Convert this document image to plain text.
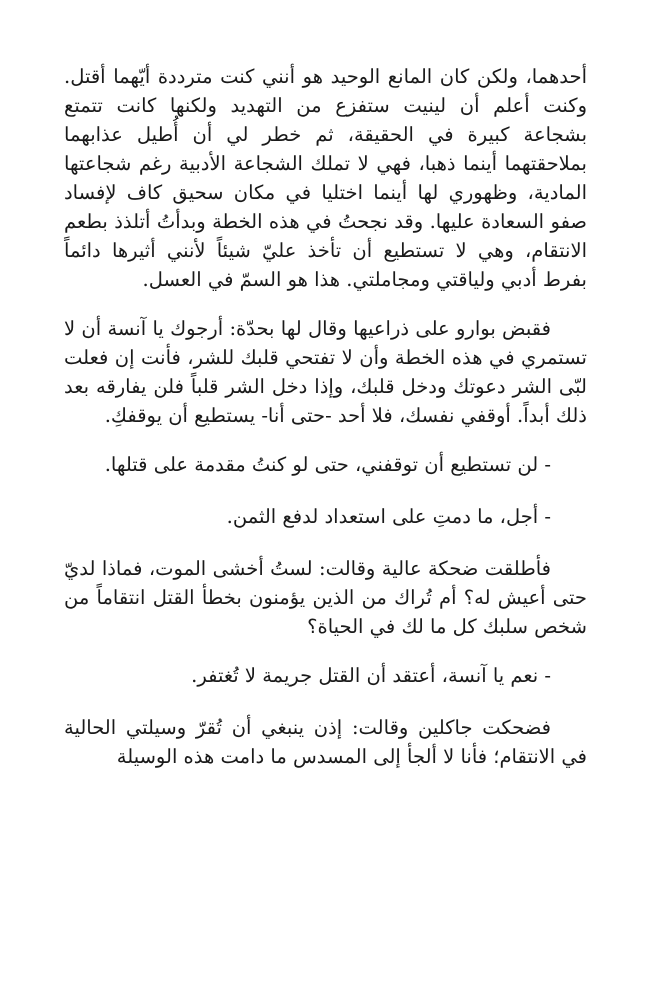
أحدهما، ولكن كان المانع الوحيد هو أنني كنت مترددة أيّهما أقتل. وكنت أعلم أن لينيت ستفزع من التهديد ولكنها كانت تتمتع بشجاعة كبيرة في الحقيقة، ثم خطر لي أن أُطيل عذابهما بملاحقتهما أينما ذهبا، فهي لا تملك الشجاعة الأدبية رغم شجاعتها المادية، وظهوري لها أينما اختليا في مكان سحيق كاف لإفساد صفو السعادة عليها. وقد نجحتُ في هذه الخطة وبدأتُ أتلذذ بطعم الانتقام، وهي لا تستطيع أن تأخذ عليّ شيئاً لأنني أثيرها دائماً بفرط أدبي ولياقتي ومجاملتي. هذا هو السمّ في العسل.

فقبض بوارو على ذراعيها وقال لها بحدّة: أرجوك يا آنسة أن لا تستمري في هذه الخطة وأن لا تفتحي قلبك للشر، فأنت إن فعلت لبّى الشر دعوتك ودخل قلبك، وإذا دخل الشر قلباً فلن يفارقه بعد ذلك أبداً. أوقفي نفسك، فلا أحد -حتى أنا- يستطيع أن يوقفكِ.

- لن تستطيع أن توقفني، حتى لو كنتُ مقدمة على قتلها.

- أجل، ما دمتِ على استعداد لدفع الثمن.

فأطلقت ضحكة عالية وقالت: لستُ أخشى الموت، فماذا لديّ حتى أعيش له؟ أم تُراك من الذين يؤمنون بخطأ القتل انتقاماً من شخص سلبك كل ما لك في الحياة؟

- نعم يا آنسة، أعتقد أن القتل جريمة لا تُغتفر.

فضحكت جاكلين وقالت: إذن ينبغي أن تُقرّ وسيلتي الحالية في الانتقام؛ فأنا لا ألجأ إلى المسدس ما دامت هذه الوسيلة
